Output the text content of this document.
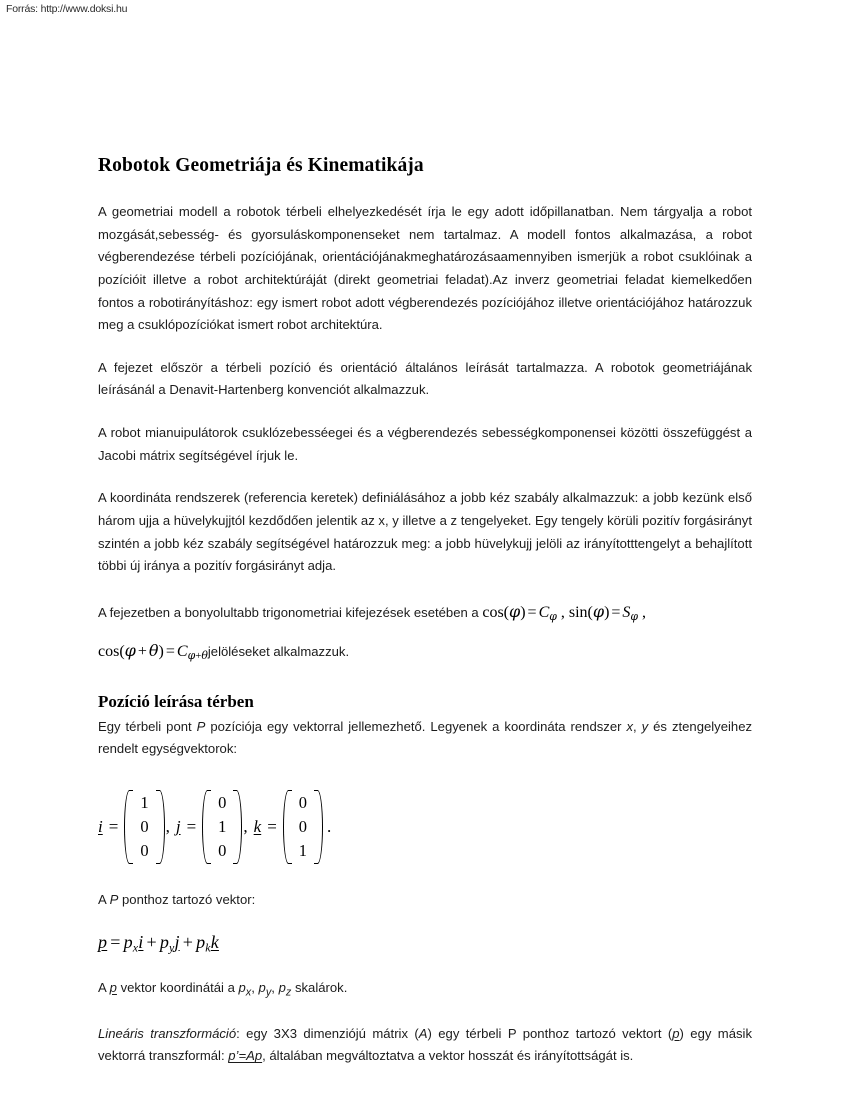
Forrás: http://www.doksi.hu
Robotok Geometriája és Kinematikája

A geometriai modell a robotok térbeli elhelyezkedését írja le egy adott időpillanatban. Nem tárgyalja a robot mozgását,sebesség- és gyorsuláskomponenseket nem tartalmaz. A modell fontos alkalmazása, a robot végberendezése térbeli pozíciójának, orientációjánakmeghatározásaamennyiben ismerjük a robot csuklóinak a pozícióit illetve a robot architektúráját (direkt geometriai feladat).Az inverz geometriai feladat kiemelkedően fontos a robotirányításhoz: egy ismert robot adott végberendezés pozíciójához illetve orientációjához határozzuk meg a csuklópozíciókat ismert robot architektúra.

A fejezet először a térbeli pozíció és orientáció általános leírását tartalmazza. A robotok geometriájának leírásánál a Denavit-Hartenberg konvenciót alkalmazzuk.

A robot mianuipulátorok csuklózebesséegei és a végberendezés sebességkomponensei közötti összefüggést a Jacobi mátrix segítségével írjuk le.

A koordináta rendszerek (referencia keretek) definiálásához a jobb kéz szabály alkalmazzuk: a jobb kezünk első három ujja a hüvelykujjtól kezdődően jelentik az x, y illetve a z tengelyeket. Egy tengely körüli pozitív forgásirányt szintén a jobb kéz szabály segítségével határozzuk meg: a jobb hüvelykujj jelöli az irányítotttengelyt a behajlított többi új iránya a pozitív forgásirányt adja.

A fejezetben a bonyolultabb trigonometriai kifejezések esetében a $\cos(\varphi) = C_\varphi$ , $\sin(\varphi) = S_\varphi$ ,

$\cos(\varphi + \theta) = C_{\varphi+\theta}jelöléseket$ alkalmazzuk.
Pozíció leírása térben

Egy térbeli pont P pozíciója egy vektorral jellemezhető. Legyenek a koordináta rendszer x, y és ztengelyeihez rendelt egységvektorok:

i =
1
0
0
, j =
0
1
0
, k =
0
0
1
.

A P ponthoz tartozó vektor:

$p = p_xi + p_yj + p_kk$

A p vektor koordinátái a $p_x$, $p_y$, $p_z$ skalárok.

Lineáris transzformáció: egy 3X3 dimenziójú mátrix (A) egy térbeli P ponthoz tartozó vektort (p) egy másik vektorrá transzformál: p’=Ap, általában megváltoztatva a vektor hosszát és irányítottságát is.
